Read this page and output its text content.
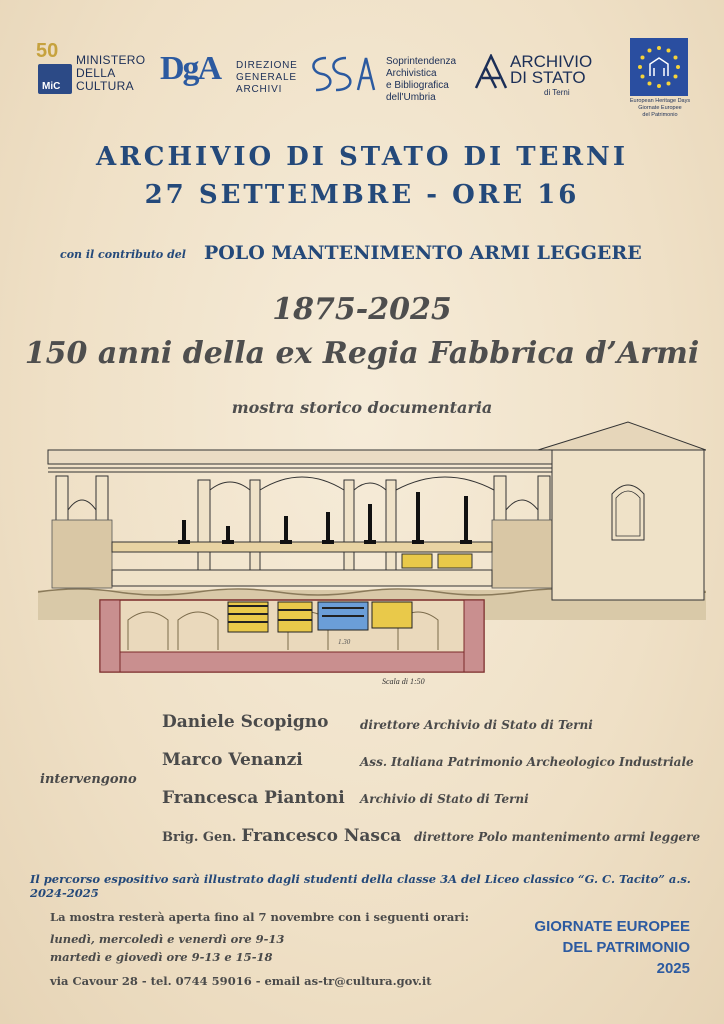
50
MiC
MINISTERO
DELLA
CULTURA DgA DIREZIONE
GENERALE
ARCHIVI
Soprintendenza
Archivistica
e Bibliografica
dell'Umbria
ARCHIVIO
DI STATO
di Terni
European Heritage Days
Giornate Europee
del Patrimonio
ARCHIVIO DI STATO DI TERNI
27 SETTEMBRE - ORE 16
con il contributo del POLO MANTENIMENTO ARMI LEGGERE
1875-2025
150 anni della ex Regia Fabbrica d’Armi
mostra storico documentaria
1.30
Scala di 1:50
intervengono
Daniele Scopigno	direttore Archivio di Stato di Terni
Marco Venanzi	Ass. Italiana Patrimonio Archeologico Industriale
Francesca Piantoni Archivio di Stato di Terni
Brig. Gen. Francesco Nasca direttore Polo mantenimento armi leggere
Il percorso espositivo sarà illustrato dagli studenti della classe 3A del Liceo classico “G. C. Tacito” a.s. 2024-2025
La mostra resterà aperta fino al 7 novembre con i seguenti orari:
lunedì, mercoledì e venerdì ore 9-13
martedì e giovedì ore 9-13 e 15-18
via Cavour 28 - tel. 0744 59016 - email as-tr@cultura.gov.it
GIORNATE EUROPEE
DEL PATRIMONIO
2025
